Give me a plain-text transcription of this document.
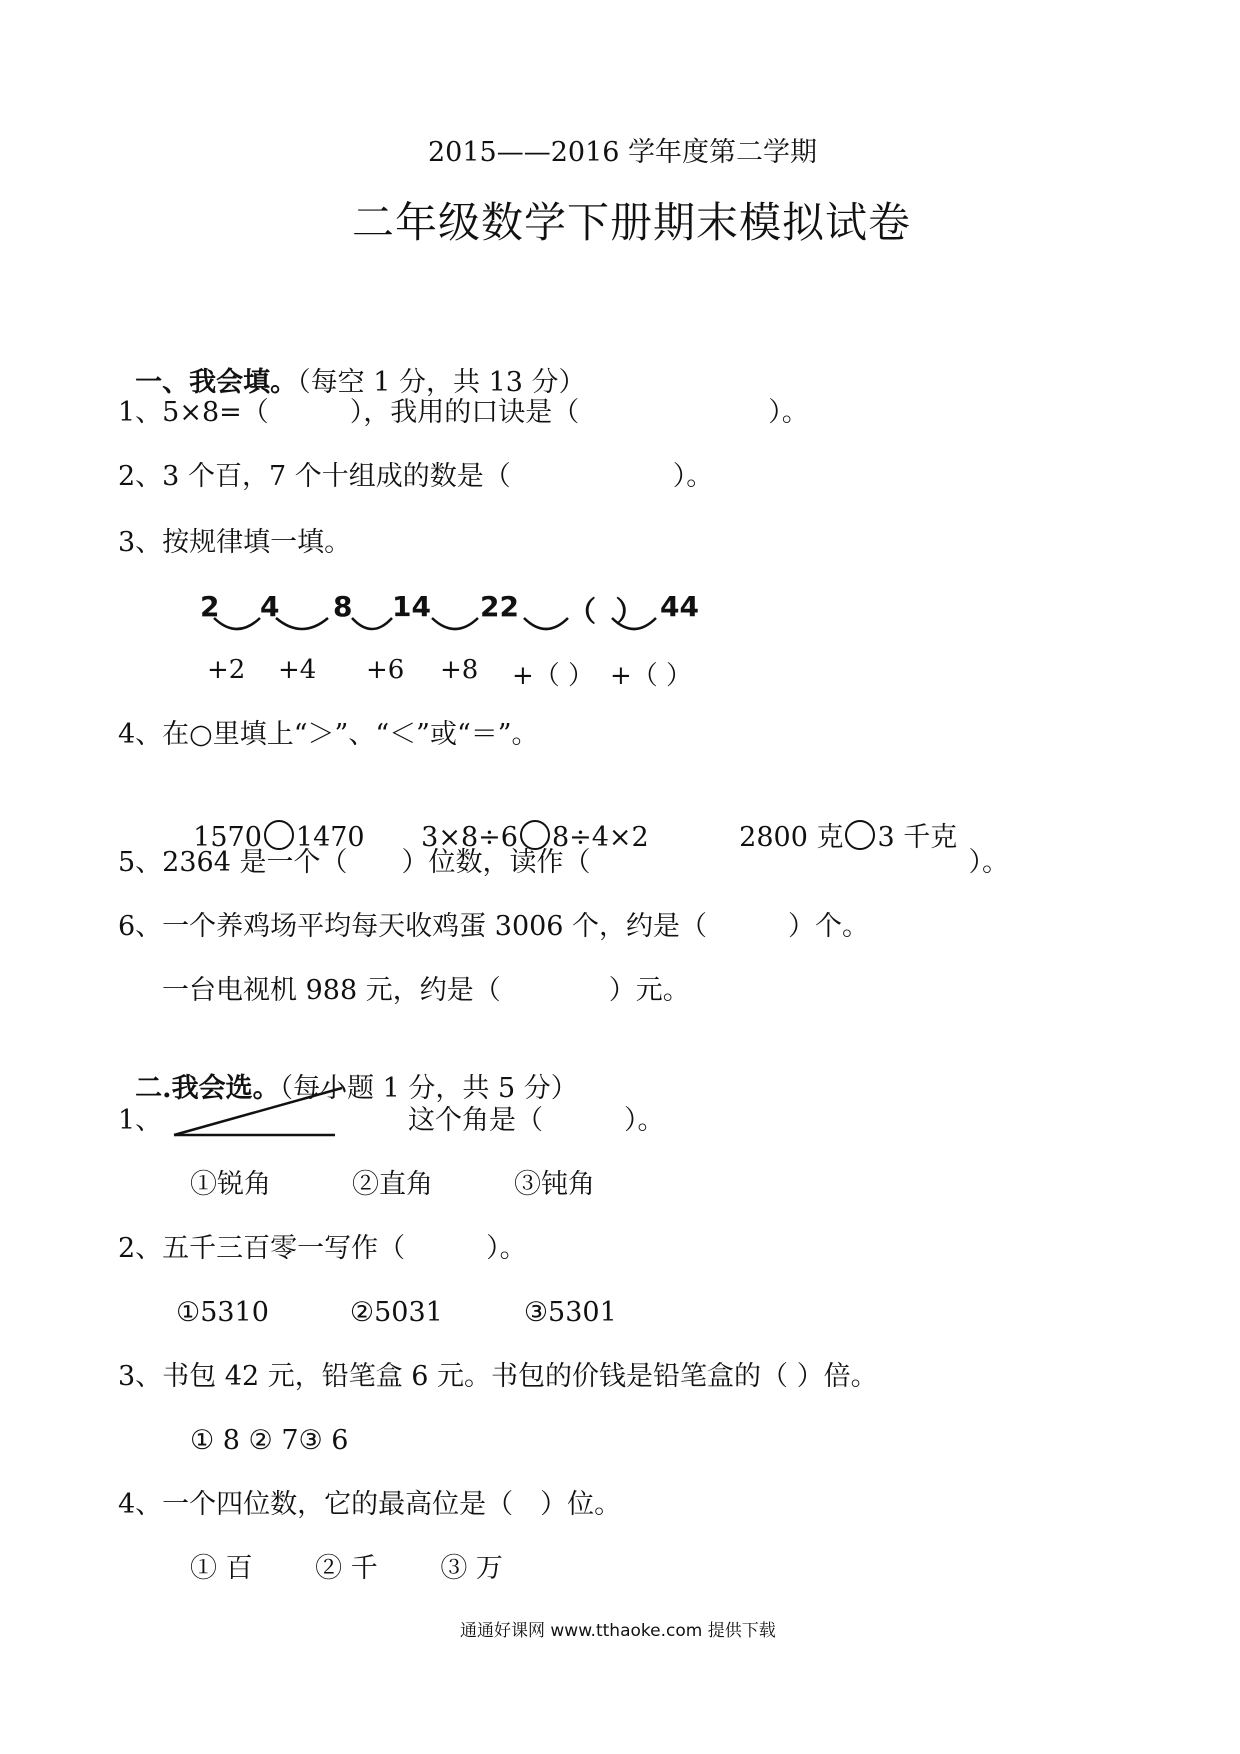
2015——2016 学年度第二学期
二年级数学下册期末模拟试卷

一、我会填。（每空 1 分，共 13 分）

1、5×8=（　　　），我用的口诀是（　　　　　　　）。
2、3 个百，7 个十组成的数是（　　　　　　）。
3、按规律填一填。
2 4 8 14 22 （  ） 44
+2 +4 +6 +8 +（ ） +（ ）
4、在○里填上“＞”、“＜”或“＝”。

1570 1470	3×8÷6 8÷4×2	2800 克 3 千克

5、2364 是一个（　　）位数，读作（　　　　　　　　　　　　　　）。
6、一个养鸡场平均每天收鸡蛋 3006 个，约是（　　　）个。
一台电视机 988 元，约是（　　　　）元。

二.我会选。（每小题 1 分，共 5 分）

1、	这个角是（　　　）。
①锐角　　　②直角　　　③钝角
2、五千三百零一写作（　　　）。
①5310　　　②5031　　　③5301
3、书包 42 元，铅笔盒 6 元。书包的价钱是铅笔盒的（ ）倍。
① 8 ② 7③ 6
4、一个四位数，它的最高位是（　）位。
① 百　　 ② 千　　 ③ 万
通通好课网 www.tthaoke.com 提供下载
